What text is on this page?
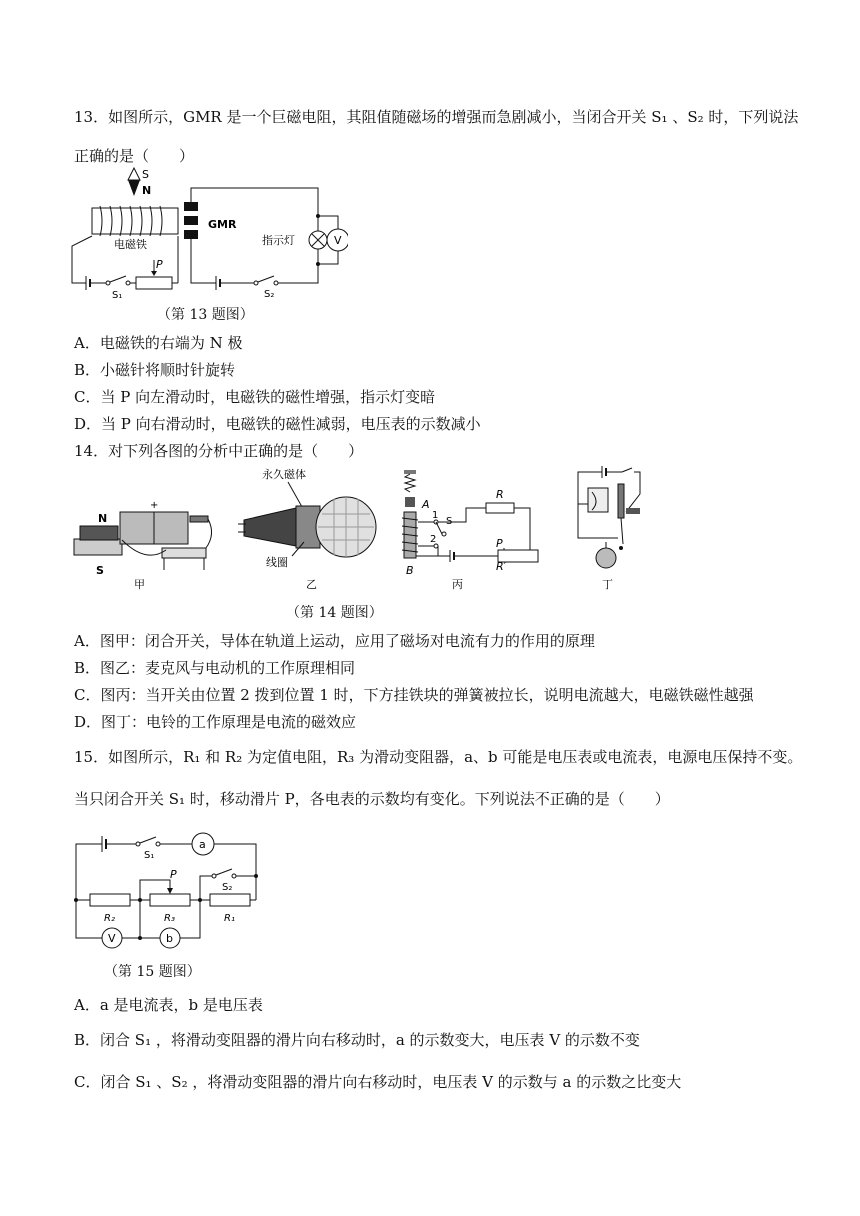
13．如图所示，GMR 是一个巨磁电阻，其阻值随磁场的增强而急剧减小，当闭合开关 S₁ 、S₂ 时，下列说法
正确的是（　　）
S
N
电磁铁
S₁
P
GMR
S₂
指示灯	V
（第 13 题图）
A．电磁铁的右端为 N 极
B．小磁针将顺时针旋转
C．当 P 向左滑动时，电磁铁的磁性增强，指示灯变暗
D．当 P 向右滑动时，电磁铁的磁性减弱，电压表的示数减小
14．对下列各图的分析中正确的是（　　）
N
S
+
甲
永久磁体
线圈
乙
A
B
1
2
S
R
R′
P
丙	丁
（第 14 题图）
A．图甲：闭合开关，导体在轨道上运动，应用了磁场对电流有力的作用的原理
B．图乙：麦克风与电动机的工作原理相同
C．图丙：当开关由位置 2 拨到位置 1 时，下方挂铁块的弹簧被拉长，说明电流越大，电磁铁磁性越强
D．图丁：电铃的工作原理是电流的磁效应
15．如图所示，R₁ 和 R₂ 为定值电阻，R₃ 为滑动变阻器，a、b 可能是电压表或电流表，电源电压保持不变。
当只闭合开关 S₁ 时，移动滑片 P，各电表的示数均有变化。下列说法不正确的是（　　）
S₁
a
R₂	R₃	R₁
P
S₂
V	b
（第 15 题图）
A．a 是电流表，b 是电压表
B．闭合 S₁ ，将滑动变阻器的滑片向右移动时，a 的示数变大，电压表 V 的示数不变
C．闭合 S₁ 、S₂ ，将滑动变阻器的滑片向右移动时，电压表 V 的示数与 a 的示数之比变大
